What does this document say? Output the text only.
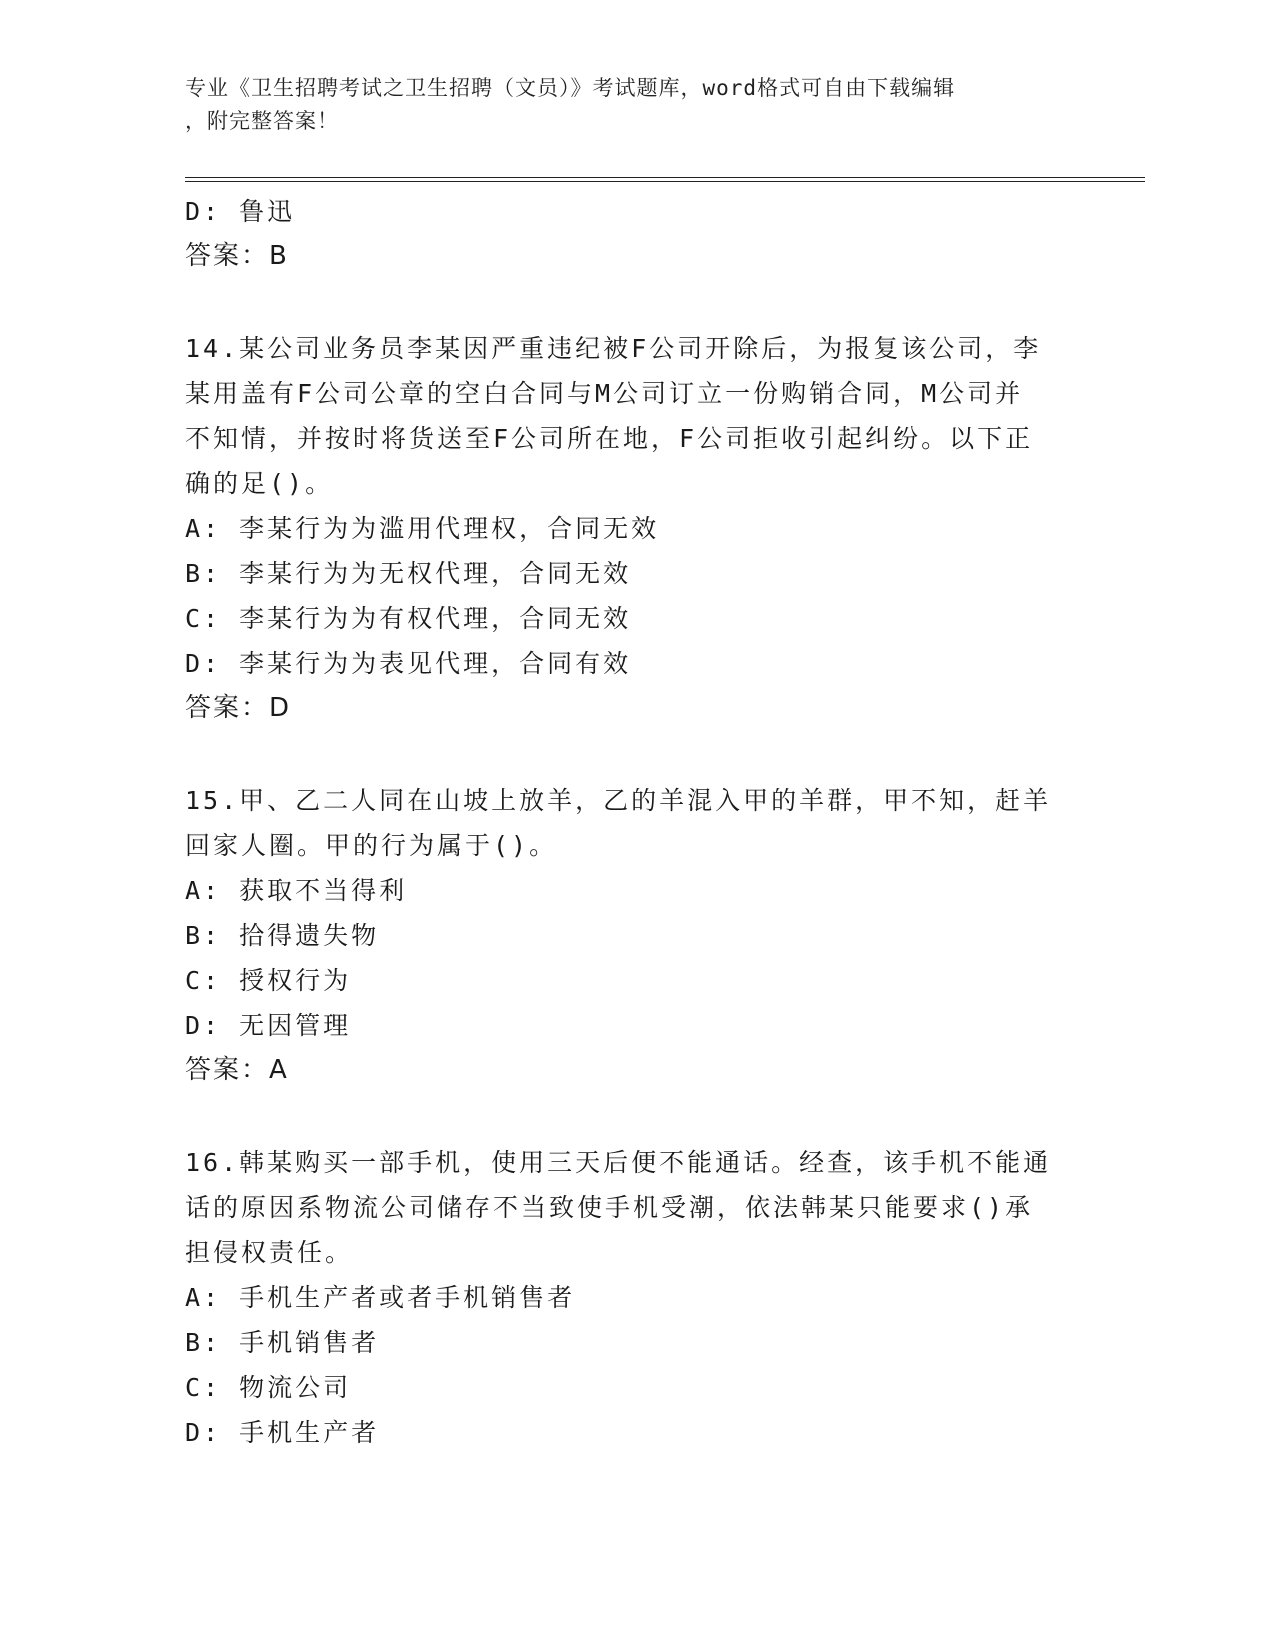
专业《卫生招聘考试之卫生招聘（文员）》考试题库，word格式可自由下载编辑
，附完整答案！
D: 鲁迅
答案：B
14.某公司业务员李某因严重违纪被F公司开除后，为报复该公司，李
某用盖有F公司公章的空白合同与M公司订立一份购销合同，M公司并
不知情，并按时将货送至F公司所在地，F公司拒收引起纠纷。以下正
确的足()。
A: 李某行为为滥用代理权，合同无效
B: 李某行为为无权代理，合同无效
C: 李某行为为有权代理，合同无效
D: 李某行为为表见代理，合同有效
答案：D
15.甲、乙二人同在山坡上放羊，乙的羊混入甲的羊群，甲不知，赶羊
回家人圈。甲的行为属于()。
A: 获取不当得利
B: 拾得遗失物
C: 授权行为
D: 无因管理
答案：A
16.韩某购买一部手机，使用三天后便不能通话。经查，该手机不能通
话的原因系物流公司储存不当致使手机受潮，依法韩某只能要求()承
担侵权责任。
A: 手机生产者或者手机销售者
B: 手机销售者
C: 物流公司
D: 手机生产者
